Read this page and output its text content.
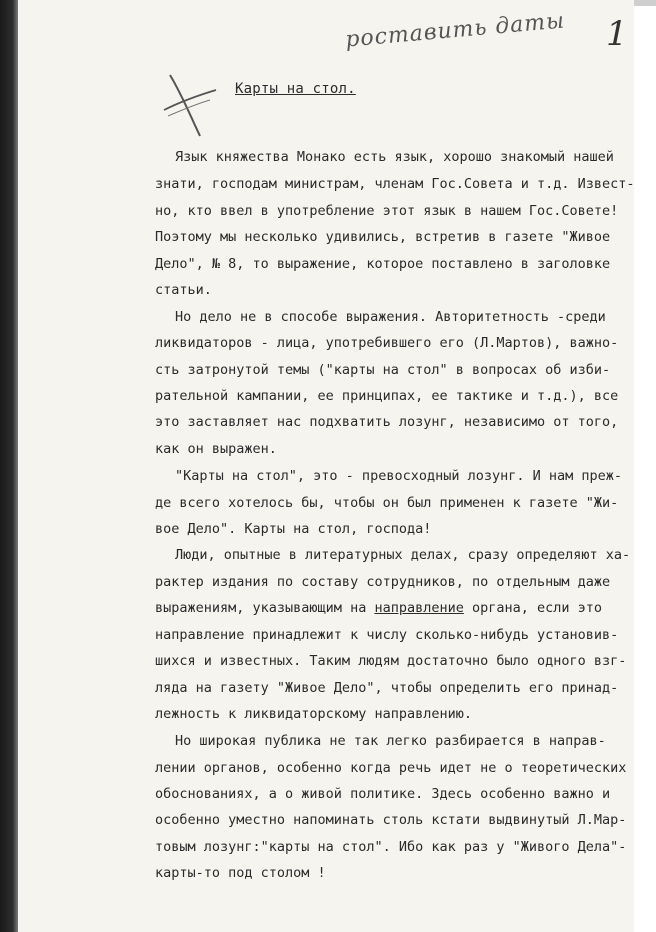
роставить даты 1
Карты на стол.
Язык княжества Монако есть язык, хорошо знакомый нашей
знати, господам министрам, членам Гос.Совета и т.д. Извест-
но, кто ввел в употребление этот язык в нашем Гос.Совете!
Поэтому мы несколько удивились, встретив в газете "Живое
Дело", № 8, то выражение, которое поставлено в заголовке
статьи.
Но дело не в способе выражения. Авторитетность -среди
ликвидаторов - лица, употребившего его (Л.Мартов), важно-
сть затронутой темы ("карты на стол" в вопросах об изби-
рательной кампании, ее принципах, ее тактике и т.д.), все
это заставляет нас подхватить лозунг, независимо от того,
как он выражен.
"Карты на стол", это - превосходный лозунг. И нам преж-
де всего хотелось бы, чтобы он был применен к газете "Жи-
вое Дело". Карты на стол, господа!
Люди, опытные в литературных делах, сразу определяют ха-
рактер издания по составу сотрудников, по отдельным даже
выражениям, указывающим на направление органа, если это
направление принадлежит к числу сколько-нибудь установив-
шихся и известных. Таким людям достаточно было одного взг-
ляда на газету "Живое Дело", чтобы определить его принад-
лежность к ликвидаторскому направлению.
Но широкая публика не так легко разбирается в направ-
лении органов, особенно когда речь идет не о теоретических
обоснованиях, а о живой политике. Здесь особенно важно и
особенно уместно напоминать столь кстати выдвинутый Л.Мар-
товым лозунг:"карты на стол". Ибо как раз у "Живого Дела"-
карты-то под столом !
